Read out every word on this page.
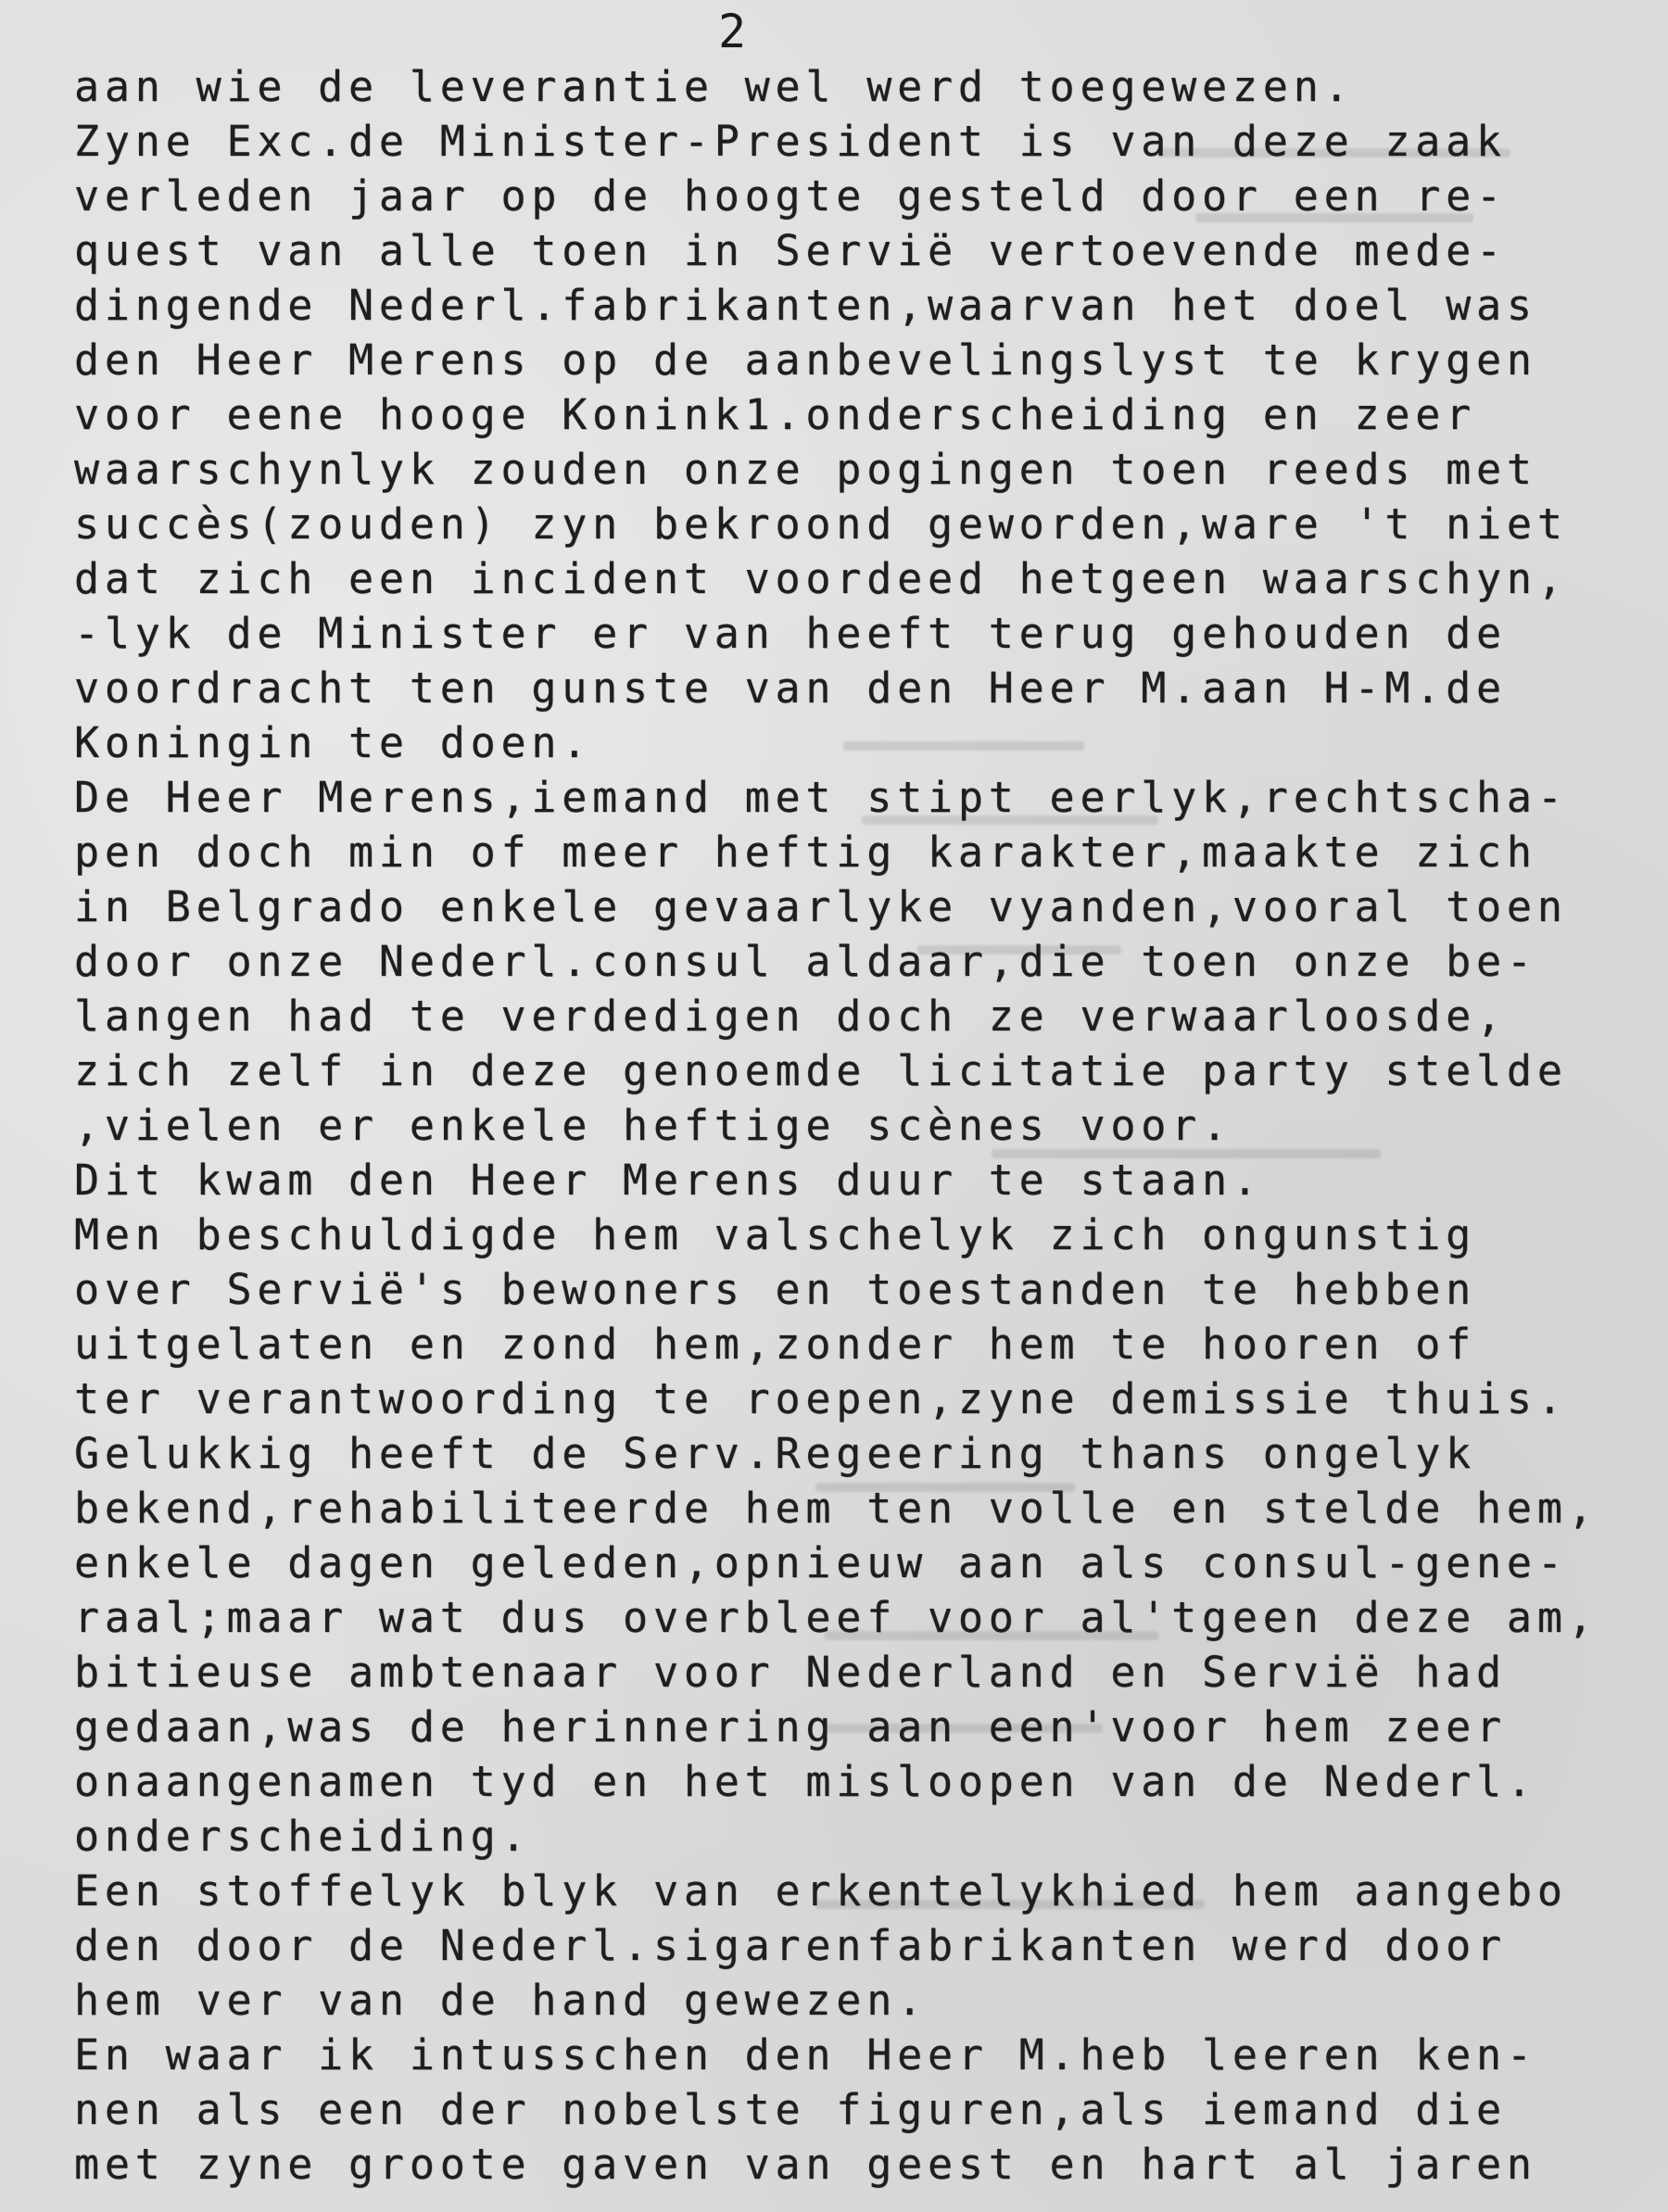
2
aan wie de leverantie wel werd toegewezen.
Zyne Exc.de Minister-President is van deze zaak
verleden jaar op de hoogte gesteld door een re-
quest van alle toen in Servië vertoevende mede-
dingende Nederl.fabrikanten,waarvan het doel was
den Heer Merens op de aanbevelingslyst te krygen
voor eene hooge Konink1.onderscheiding en zeer
waarschynlyk zouden onze pogingen toen reeds met
succès(zouden) zyn bekroond geworden,ware 't niet
dat zich een incident voordeed hetgeen waarschyn,
-lyk de Minister er van heeft terug gehouden de
voordracht ten gunste van den Heer M.aan H-M.de
Koningin te doen.
De Heer Merens,iemand met stipt eerlyk,rechtscha-
pen doch min of meer heftig karakter,maakte zich
in Belgrado enkele gevaarlyke vyanden,vooral toen
door onze Nederl.consul aldaar,die toen onze be-
langen had te verdedigen doch ze verwaarloosde,
zich zelf in deze genoemde licitatie party stelde
,vielen er enkele heftige scènes voor.
Dit kwam den Heer Merens duur te staan.
Men beschuldigde hem valschelyk zich ongunstig
over Servië's bewoners en toestanden te hebben
uitgelaten en zond hem,zonder hem te hooren of
ter verantwoording te roepen,zyne demissie thuis.
Gelukkig heeft de Serv.Regeering thans ongelyk
bekend,rehabiliteerde hem ten volle en stelde hem,
enkele dagen geleden,opnieuw aan als consul-gene-
raal;maar wat dus overbleef voor al'tgeen deze am,
bitieuse ambtenaar voor Nederland en Servië had
gedaan,was de herinnering aan een'voor hem zeer
onaangenamen tyd en het misloopen van de Nederl.
onderscheiding.
Een stoffelyk blyk van erkentelykhied hem aangebo
den door de Nederl.sigarenfabrikanten werd door
hem ver van de hand gewezen.
En waar ik intusschen den Heer M.heb leeren ken-
nen als een der nobelste figuren,als iemand die
met zyne groote gaven van geest en hart al jaren
